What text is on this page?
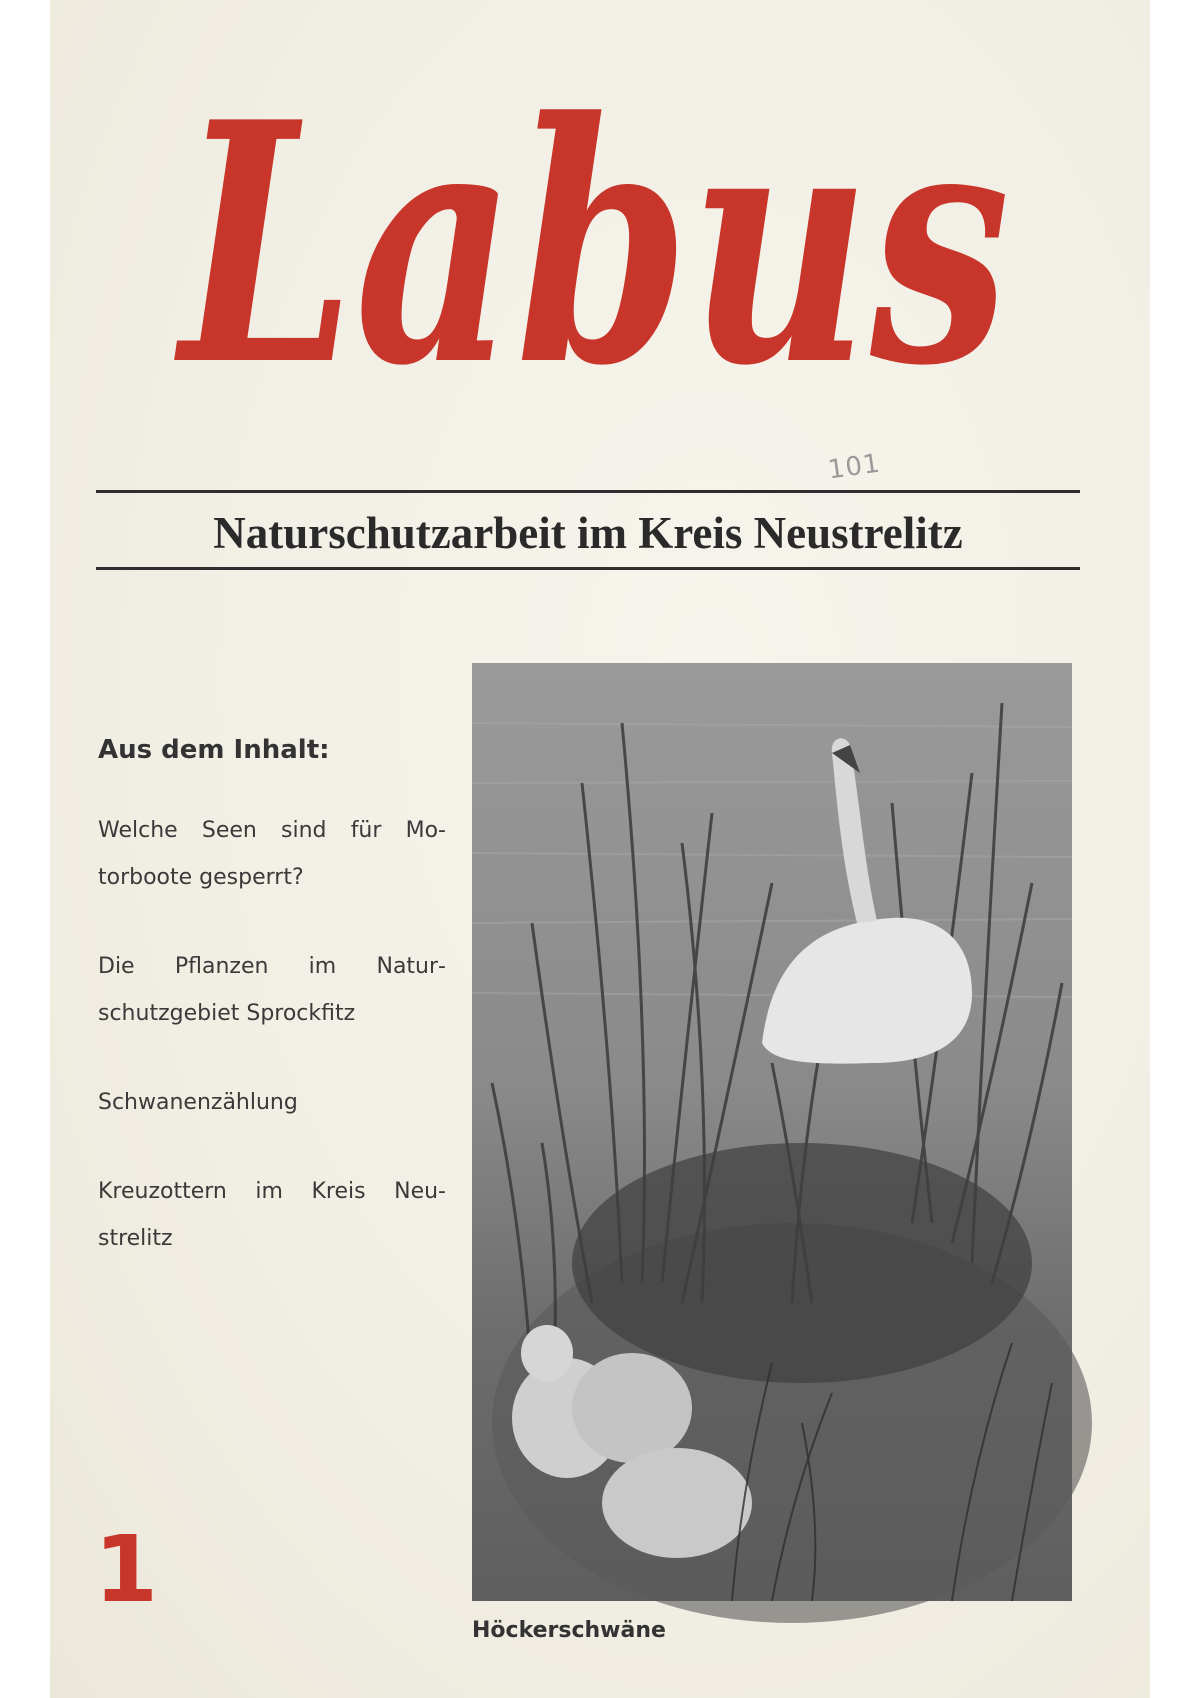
Labus
101
Naturschutzarbeit im Kreis Neustrelitz
Aus dem Inhalt:
Welche Seen sind für Motorboote gesperrt?
Die Pflanzen im Naturschutzgebiet Sprockfitz
Schwanenzählung
Kreuzottern im Kreis Neustrelitz
1
Höckerschwäne
